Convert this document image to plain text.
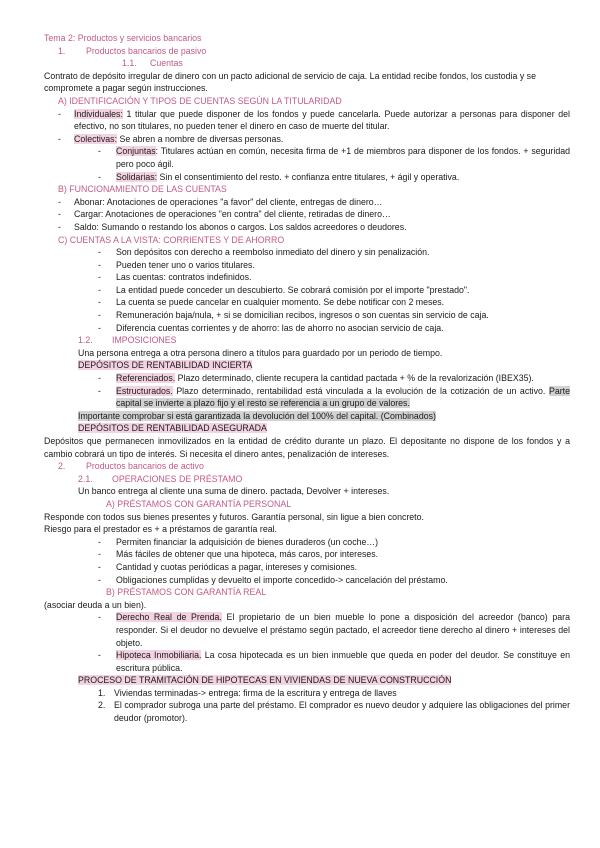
Tema 2: Productos y servicios bancarios
1. Productos bancarios de pasivo
1.1. Cuentas
Contrato de depósito irregular de dinero con un pacto adicional de servicio de caja. La entidad recibe fondos, los custodia y se compromete a pagar según instrucciones.
A) IDENTIFICACIÓN Y TIPOS DE CUENTAS SEGÚN LA TITULARIDAD
-	Individuales: 1 titular que puede disponer de los fondos y puede cancelarla. Puede autorizar a personas para disponer del efectivo, no son titulares, no pueden tener el dinero en caso de muerte del titular.
-	Colectivas: Se abren a nombre de diversas personas.
-	Conjuntas: Titulares actúan en común, necesita firma de +1 de miembros para disponer de los fondos. + seguridad pero poco ágil.
-	Solidarias: Sin el consentimiento del resto. + confianza entre titulares, + ágil y operativa.
B) FUNCIONAMIENTO DE LAS CUENTAS
-	Abonar: Anotaciones de operaciones "a favor" del cliente, entregas de dinero…
-	Cargar: Anotaciones de operaciones "en contra" del cliente, retiradas de dinero…
-	Saldo: Sumando o restando los abonos o cargos. Los saldos acreedores o deudores.
C) CUENTAS A LA VISTA: CORRIENTES Y DE AHORRO
-	Son depósitos con derecho a reembolso inmediato del dinero y sin penalización.
-	Pueden tener uno o varios titulares.
-	Las cuentas: contratos indefinidos.
-	La entidad puede conceder un descubierto. Se cobrará comisión por el importe "prestado".
-	La cuenta se puede cancelar en cualquier momento. Se debe notificar con 2 meses.
-	Remuneración baja/nula, + si se domicilian recibos, ingresos o son cuentas sin servicio de caja.
-	Diferencia cuentas corrientes y de ahorro: las de ahorro no asocian servicio de caja.
1.2. IMPOSICIONES
Una persona entrega a otra persona dinero a títulos para guardado por un periodo de tiempo.
DEPÓSITOS DE RENTABILIDAD INCIERTA
-	Referenciados. Plazo determinado, cliente recupera la cantidad pactada + % de la revalorización (IBEX35).
-	Estructurados. Plazo determinado, rentabilidad está vinculada a la evolución de la cotización de un activo. Parte capital se invierte a plazo fijo y el resto se referencia a un grupo de valores.
Importante comprobar si está garantizada la devolución del 100% del capital. (Combinados)
DEPÓSITOS DE RENTABILIDAD ASEGURADA
Depósitos que permanecen inmovilizados en la entidad de crédito durante un plazo. El depositante no dispone de los fondos y a cambio cobrará un tipo de interés. Si necesita el dinero antes, penalización de intereses.
2. Productos bancarios de activo
2.1. OPERACIONES DE PRÉSTAMO
Un banco entrega al cliente una suma de dinero. pactada, Devolver + intereses.
A) PRÉSTAMOS CON GARANTÍA PERSONAL
Responde con todos sus bienes presentes y futuros. Garantía personal, sin ligue a bien concreto.
Riesgo para el prestador es + a préstamos de garantía real.
-	Permiten financiar la adquisición de bienes duraderos (un coche…)
-	Más fáciles de obtener que una hipoteca, más caros, por intereses.
-	Cantidad y cuotas periódicas a pagar, intereses y comisiones.
-	Obligaciones cumplidas y devuelto el importe concedido-> cancelación del préstamo.
B) PRÉSTAMOS CON GARANTÍA REAL
(asociar deuda a un bien).
-	Derecho Real de Prenda. El propietario de un bien mueble lo pone a disposición del acreedor (banco) para responder. Si el deudor no devuelve el préstamo según pactado, el acreedor tiene derecho al dinero + intereses del objeto.
-	Hipoteca Inmobiliaria. La cosa hipotecada es un bien inmueble que queda en poder del deudor. Se constituye en escritura pública.
PROCESO DE TRAMITACIÓN DE HIPOTECAS EN VIVIENDAS DE NUEVA CONSTRUCCIÓN
1. Viviendas terminadas-> entrega: firma de la escritura y entrega de llaves
2. El comprador subroga una parte del préstamo. El comprador es nuevo deudor y adquiere las obligaciones del primer deudor (promotor).
